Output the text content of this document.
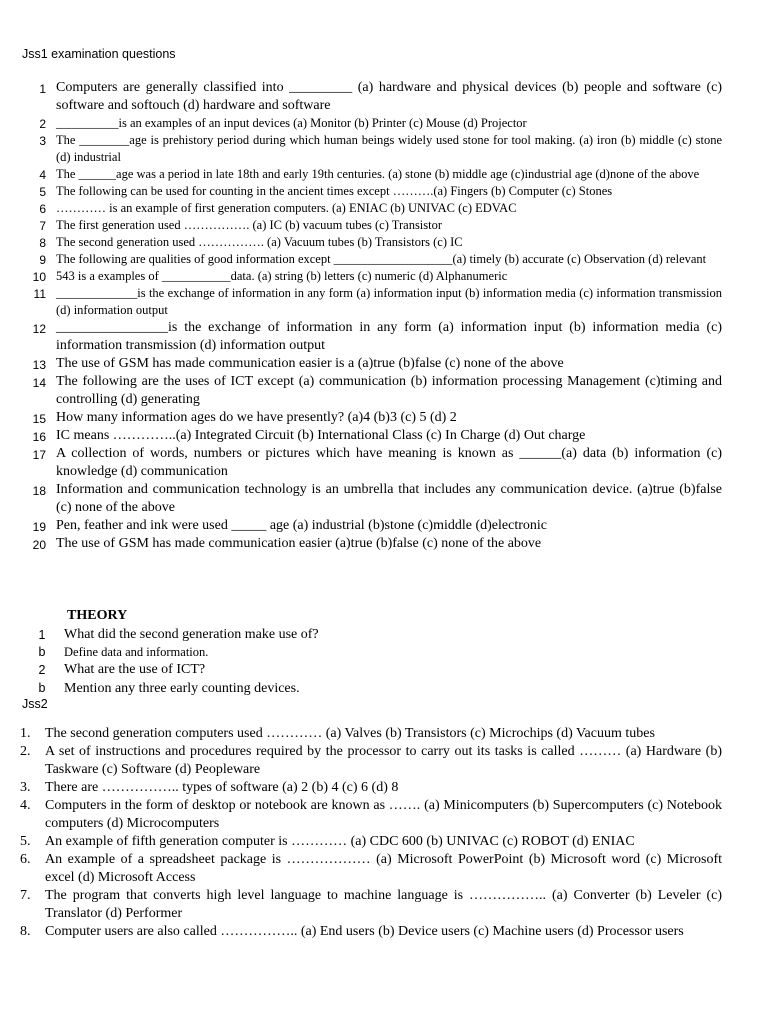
Jss1 examination questions
1 Computers are generally classified into _________ (a) hardware and physical devices (b) people and software (c) software and softouch (d) hardware and software
2 __________is an examples of an input devices (a) Monitor (b) Printer (c) Mouse (d) Projector
3 The ________age is prehistory period during which human beings widely used stone for tool making. (a) iron (b) middle (c) stone (d) industrial
4 The ______age was a period in late 18th and early 19th centuries. (a) stone (b) middle age (c)industrial age (d)none of the above
5 The following can be used for counting in the ancient times except ……….(a) Fingers (b) Computer (c) Stones
6 ………… is an example of first generation computers. (a) ENIAC (b) UNIVAC (c) EDVAC
7 The first generation used ……………. (a) IC (b) vacuum tubes (c) Transistor
8 The second generation used ……………. (a) Vacuum tubes (b) Transistors (c) IC
9 The following are qualities of good information except ___________________(a) timely (b) accurate (c) Observation (d) relevant
10 543 is a examples of ___________data. (a) string (b) letters (c) numeric (d) Alphanumeric
11 _____________is the exchange of information in any form (a) information input (b) information media (c) information transmission (d) information output
12 ________________is the exchange of information in any form (a) information input (b) information media (c) information transmission (d) information output
13 The use of GSM has made communication easier is a (a)true (b)false (c) none of the above
14 The following are the uses of ICT except (a) communication (b) information processing Management (c)timing and controlling (d) generating
15 How many information ages do we have presently? (a)4 (b)3 (c) 5 (d) 2
16 IC means …………..(a) Integrated Circuit (b) International Class (c) In Charge (d) Out charge
17 A collection of words, numbers or pictures which have meaning is known as ______(a) data (b) information (c) knowledge (d) communication
18 Information and communication technology is an umbrella that includes any communication device. (a)true (b)false (c) none of the above
19 Pen, feather and ink were used _____ age (a) industrial (b)stone (c)middle (d)electronic
20 The use of GSM has made communication easier (a)true (b)false (c) none of the above
THEORY
1 What did the second generation make use of?
b Define data and information.
2 What are the use of ICT?
b Mention any three early counting devices.
Jss2
1. The second generation computers used ………… (a) Valves (b) Transistors (c) Microchips (d) Vacuum tubes
2. A set of instructions and procedures required by the processor to carry out its tasks is called ……… (a) Hardware (b) Taskware (c) Software (d) Peopleware
3. There are …………….. types of software (a) 2 (b) 4 (c) 6 (d) 8
4. Computers in the form of desktop or notebook are known as ……. (a) Minicomputers (b) Supercomputers (c) Notebook computers (d) Microcomputers
5. An example of fifth generation computer is ………… (a) CDC 600 (b) UNIVAC (c) ROBOT (d) ENIAC
6. An example of a spreadsheet package is ……………… (a) Microsoft PowerPoint (b) Microsoft word (c) Microsoft excel (d) Microsoft Access
7. The program that converts high level language to machine language is …………….. (a) Converter (b) Leveler (c) Translator (d) Performer
8. Computer users are also called …………….. (a) End users (b) Device users (c) Machine users (d) Processor users
